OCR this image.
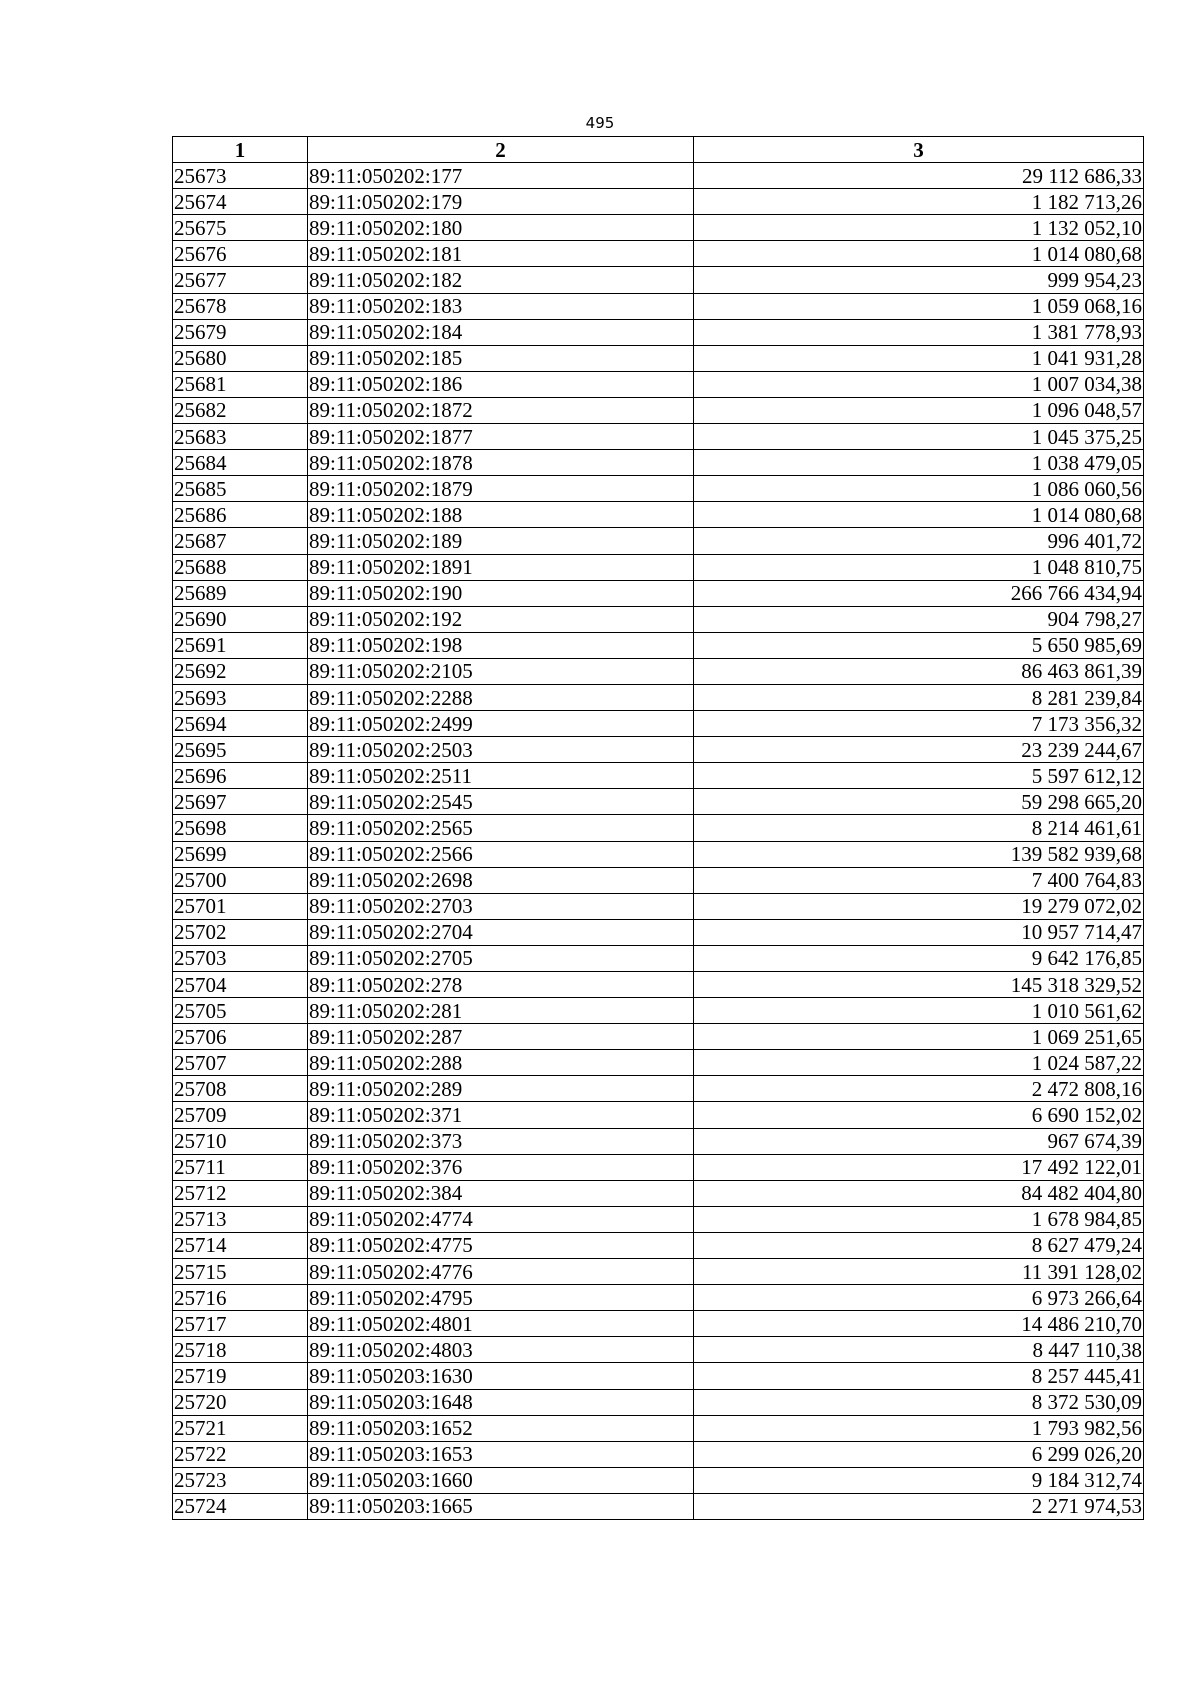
495
1	2	3
25673	89:11:050202:177	29 112 686,33
25674	89:11:050202:179	1 182 713,26
25675	89:11:050202:180	1 132 052,10
25676	89:11:050202:181	1 014 080,68
25677	89:11:050202:182	999 954,23
25678	89:11:050202:183	1 059 068,16
25679	89:11:050202:184	1 381 778,93
25680	89:11:050202:185	1 041 931,28
25681	89:11:050202:186	1 007 034,38
25682	89:11:050202:1872	1 096 048,57
25683	89:11:050202:1877	1 045 375,25
25684	89:11:050202:1878	1 038 479,05
25685	89:11:050202:1879	1 086 060,56
25686	89:11:050202:188	1 014 080,68
25687	89:11:050202:189	996 401,72
25688	89:11:050202:1891	1 048 810,75
25689	89:11:050202:190	266 766 434,94
25690	89:11:050202:192	904 798,27
25691	89:11:050202:198	5 650 985,69
25692	89:11:050202:2105	86 463 861,39
25693	89:11:050202:2288	8 281 239,84
25694	89:11:050202:2499	7 173 356,32
25695	89:11:050202:2503	23 239 244,67
25696	89:11:050202:2511	5 597 612,12
25697	89:11:050202:2545	59 298 665,20
25698	89:11:050202:2565	8 214 461,61
25699	89:11:050202:2566	139 582 939,68
25700	89:11:050202:2698	7 400 764,83
25701	89:11:050202:2703	19 279 072,02
25702	89:11:050202:2704	10 957 714,47
25703	89:11:050202:2705	9 642 176,85
25704	89:11:050202:278	145 318 329,52
25705	89:11:050202:281	1 010 561,62
25706	89:11:050202:287	1 069 251,65
25707	89:11:050202:288	1 024 587,22
25708	89:11:050202:289	2 472 808,16
25709	89:11:050202:371	6 690 152,02
25710	89:11:050202:373	967 674,39
25711	89:11:050202:376	17 492 122,01
25712	89:11:050202:384	84 482 404,80
25713	89:11:050202:4774	1 678 984,85
25714	89:11:050202:4775	8 627 479,24
25715	89:11:050202:4776	11 391 128,02
25716	89:11:050202:4795	6 973 266,64
25717	89:11:050202:4801	14 486 210,70
25718	89:11:050202:4803	8 447 110,38
25719	89:11:050203:1630	8 257 445,41
25720	89:11:050203:1648	8 372 530,09
25721	89:11:050203:1652	1 793 982,56
25722	89:11:050203:1653	6 299 026,20
25723	89:11:050203:1660	9 184 312,74
25724	89:11:050203:1665	2 271 974,53
